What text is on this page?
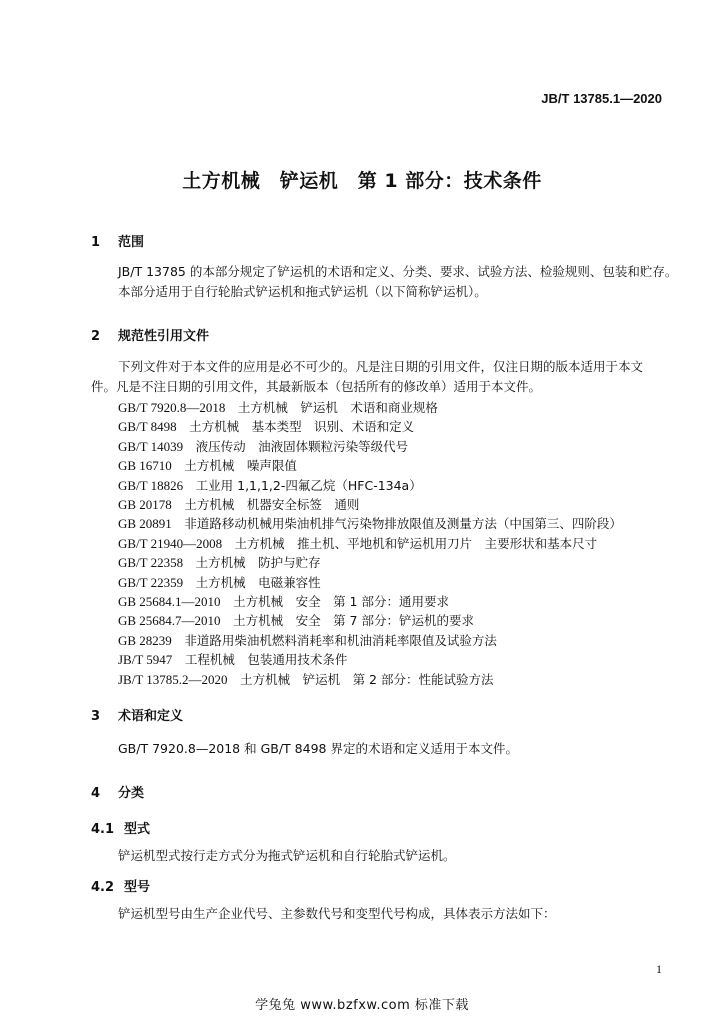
JB/T 13785.1—2020
土方机械　铲运机　第 1 部分：技术条件
1 范围
JB/T 13785 的本部分规定了铲运机的术语和定义、分类、要求、试验方法、检验规则、包装和贮存。
本部分适用于自行轮胎式铲运机和拖式铲运机（以下简称铲运机）。
2 规范性引用文件
下列文件对于本文件的应用是必不可少的。凡是注日期的引用文件，仅注日期的版本适用于本文
件。凡是不注日期的引用文件，其最新版本（包括所有的修改单）适用于本文件。
GB/T 7920.8—2018　 土方机械　铲运机　术语和商业规格
GB/T 8498　 土方机械　基本类型　识别、术语和定义
GB/T 14039　 液压传动　油液固体颗粒污染等级代号
GB 16710　 土方机械　噪声限值
GB/T 18826　 工业用 1,1,1,2-四氟乙烷（HFC-134a）
GB 20178　 土方机械　机器安全标签　通则
GB 20891　 非道路移动机械用柴油机排气污染物排放限值及测量方法（中国第三、四阶段）
GB/T 21940—2008　 土方机械　推土机、平地机和铲运机用刀片　主要形状和基本尺寸
GB/T 22358　 土方机械　防护与贮存
GB/T 22359　 土方机械　电磁兼容性
GB 25684.1—2010　 土方机械　安全　第 1 部分：通用要求
GB 25684.7—2010　 土方机械　安全　第 7 部分：铲运机的要求
GB 28239　 非道路用柴油机燃料消耗率和机油消耗率限值及试验方法
JB/T 5947　 工程机械　包装通用技术条件
JB/T 13785.2—2020　 土方机械　铲运机　第 2 部分：性能试验方法
3 术语和定义
GB/T 7920.8—2018 和 GB/T 8498 界定的术语和定义适用于本文件。
4 分类
4.1 型式
铲运机型式按行走方式分为拖式铲运机和自行轮胎式铲运机。
4.2 型号
铲运机型号由生产企业代号、主参数代号和变型代号构成，具体表示方法如下：
1
学兔兔 www.bzfxw.com 标准下载
